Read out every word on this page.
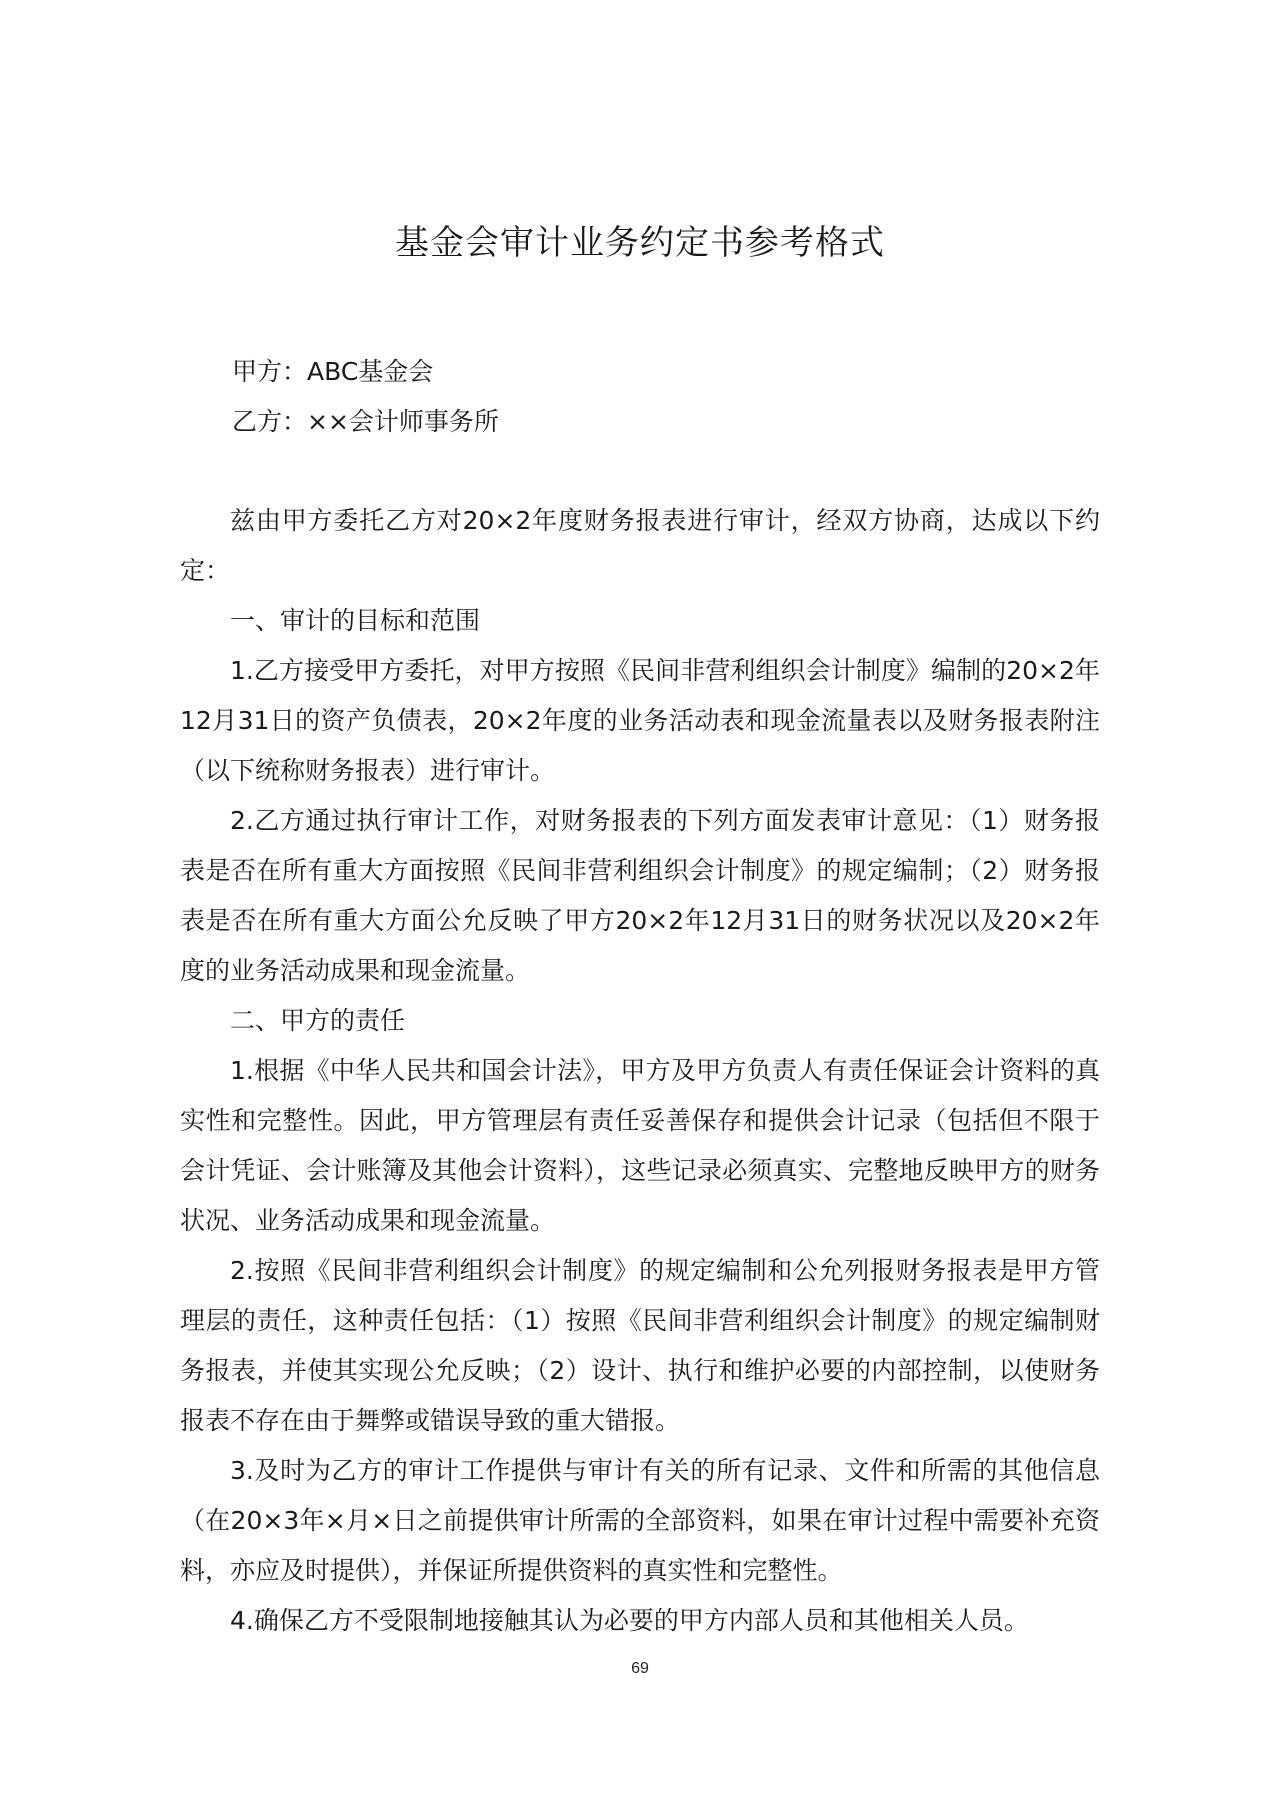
基金会审计业务约定书参考格式

甲方：ABC基金会

乙方：××会计师事务所

兹由甲方委托乙方对20×2年度财务报表进行审计，经双方协商，达成以下约定：

一、审计的目标和范围

1.乙方接受甲方委托，对甲方按照《民间非营利组织会计制度》编制的20×2年12月31日的资产负债表，20×2年度的业务活动表和现金流量表以及财务报表附注（以下统称财务报表）进行审计。

2.乙方通过执行审计工作，对财务报表的下列方面发表审计意见：（1）财务报表是否在所有重大方面按照《民间非营利组织会计制度》的规定编制；（2）财务报表是否在所有重大方面公允反映了甲方20×2年12月31日的财务状况以及20×2年度的业务活动成果和现金流量。

二、甲方的责任

1.根据《中华人民共和国会计法》，甲方及甲方负责人有责任保证会计资料的真实性和完整性。因此，甲方管理层有责任妥善保存和提供会计记录（包括但不限于会计凭证、会计账簿及其他会计资料），这些记录必须真实、完整地反映甲方的财务状况、业务活动成果和现金流量。

2.按照《民间非营利组织会计制度》的规定编制和公允列报财务报表是甲方管理层的责任，这种责任包括：（1）按照《民间非营利组织会计制度》的规定编制财务报表，并使其实现公允反映；（2）设计、执行和维护必要的内部控制，以使财务报表不存在由于舞弊或错误导致的重大错报。

3.及时为乙方的审计工作提供与审计有关的所有记录、文件和所需的其他信息（在20×3年×月×日之前提供审计所需的全部资料，如果在审计过程中需要补充资料，亦应及时提供），并保证所提供资料的真实性和完整性。

4.确保乙方不受限制地接触其认为必要的甲方内部人员和其他相关人员。

69
